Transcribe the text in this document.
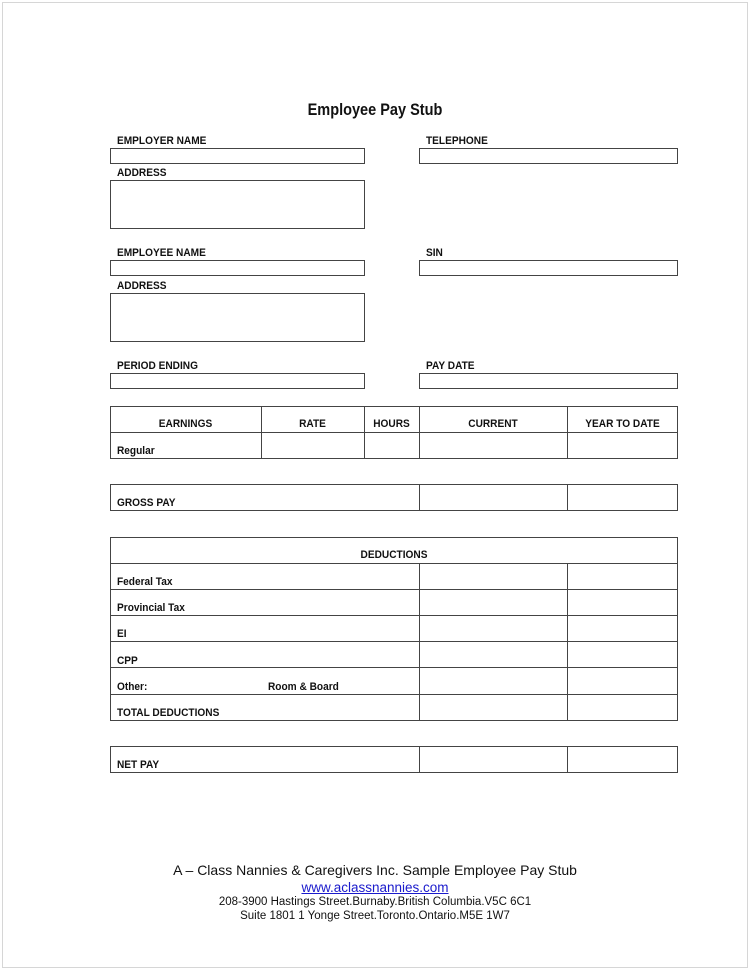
Employee Pay Stub
EMPLOYER NAME	TELEPHONE
ADDRESS
EMPLOYEE NAME	SIN
ADDRESS
PERIOD ENDING	PAY DATE
EARNINGS	RATE	HOURS	CURRENT	YEAR TO DATE
Regular
GROSS PAY
DEDUCTIONS
Federal Tax
Provincial Tax
EI
CPP
Other:	Room & Board
TOTAL DEDUCTIONS
NET PAY
A – Class Nannies & Caregivers Inc. Sample Employee Pay Stub
www.aclassnannies.com
208-3900 Hastings Street.Burnaby.British Columbia.V5C 6C1
Suite 1801 1 Yonge Street.Toronto.Ontario.M5E 1W7
